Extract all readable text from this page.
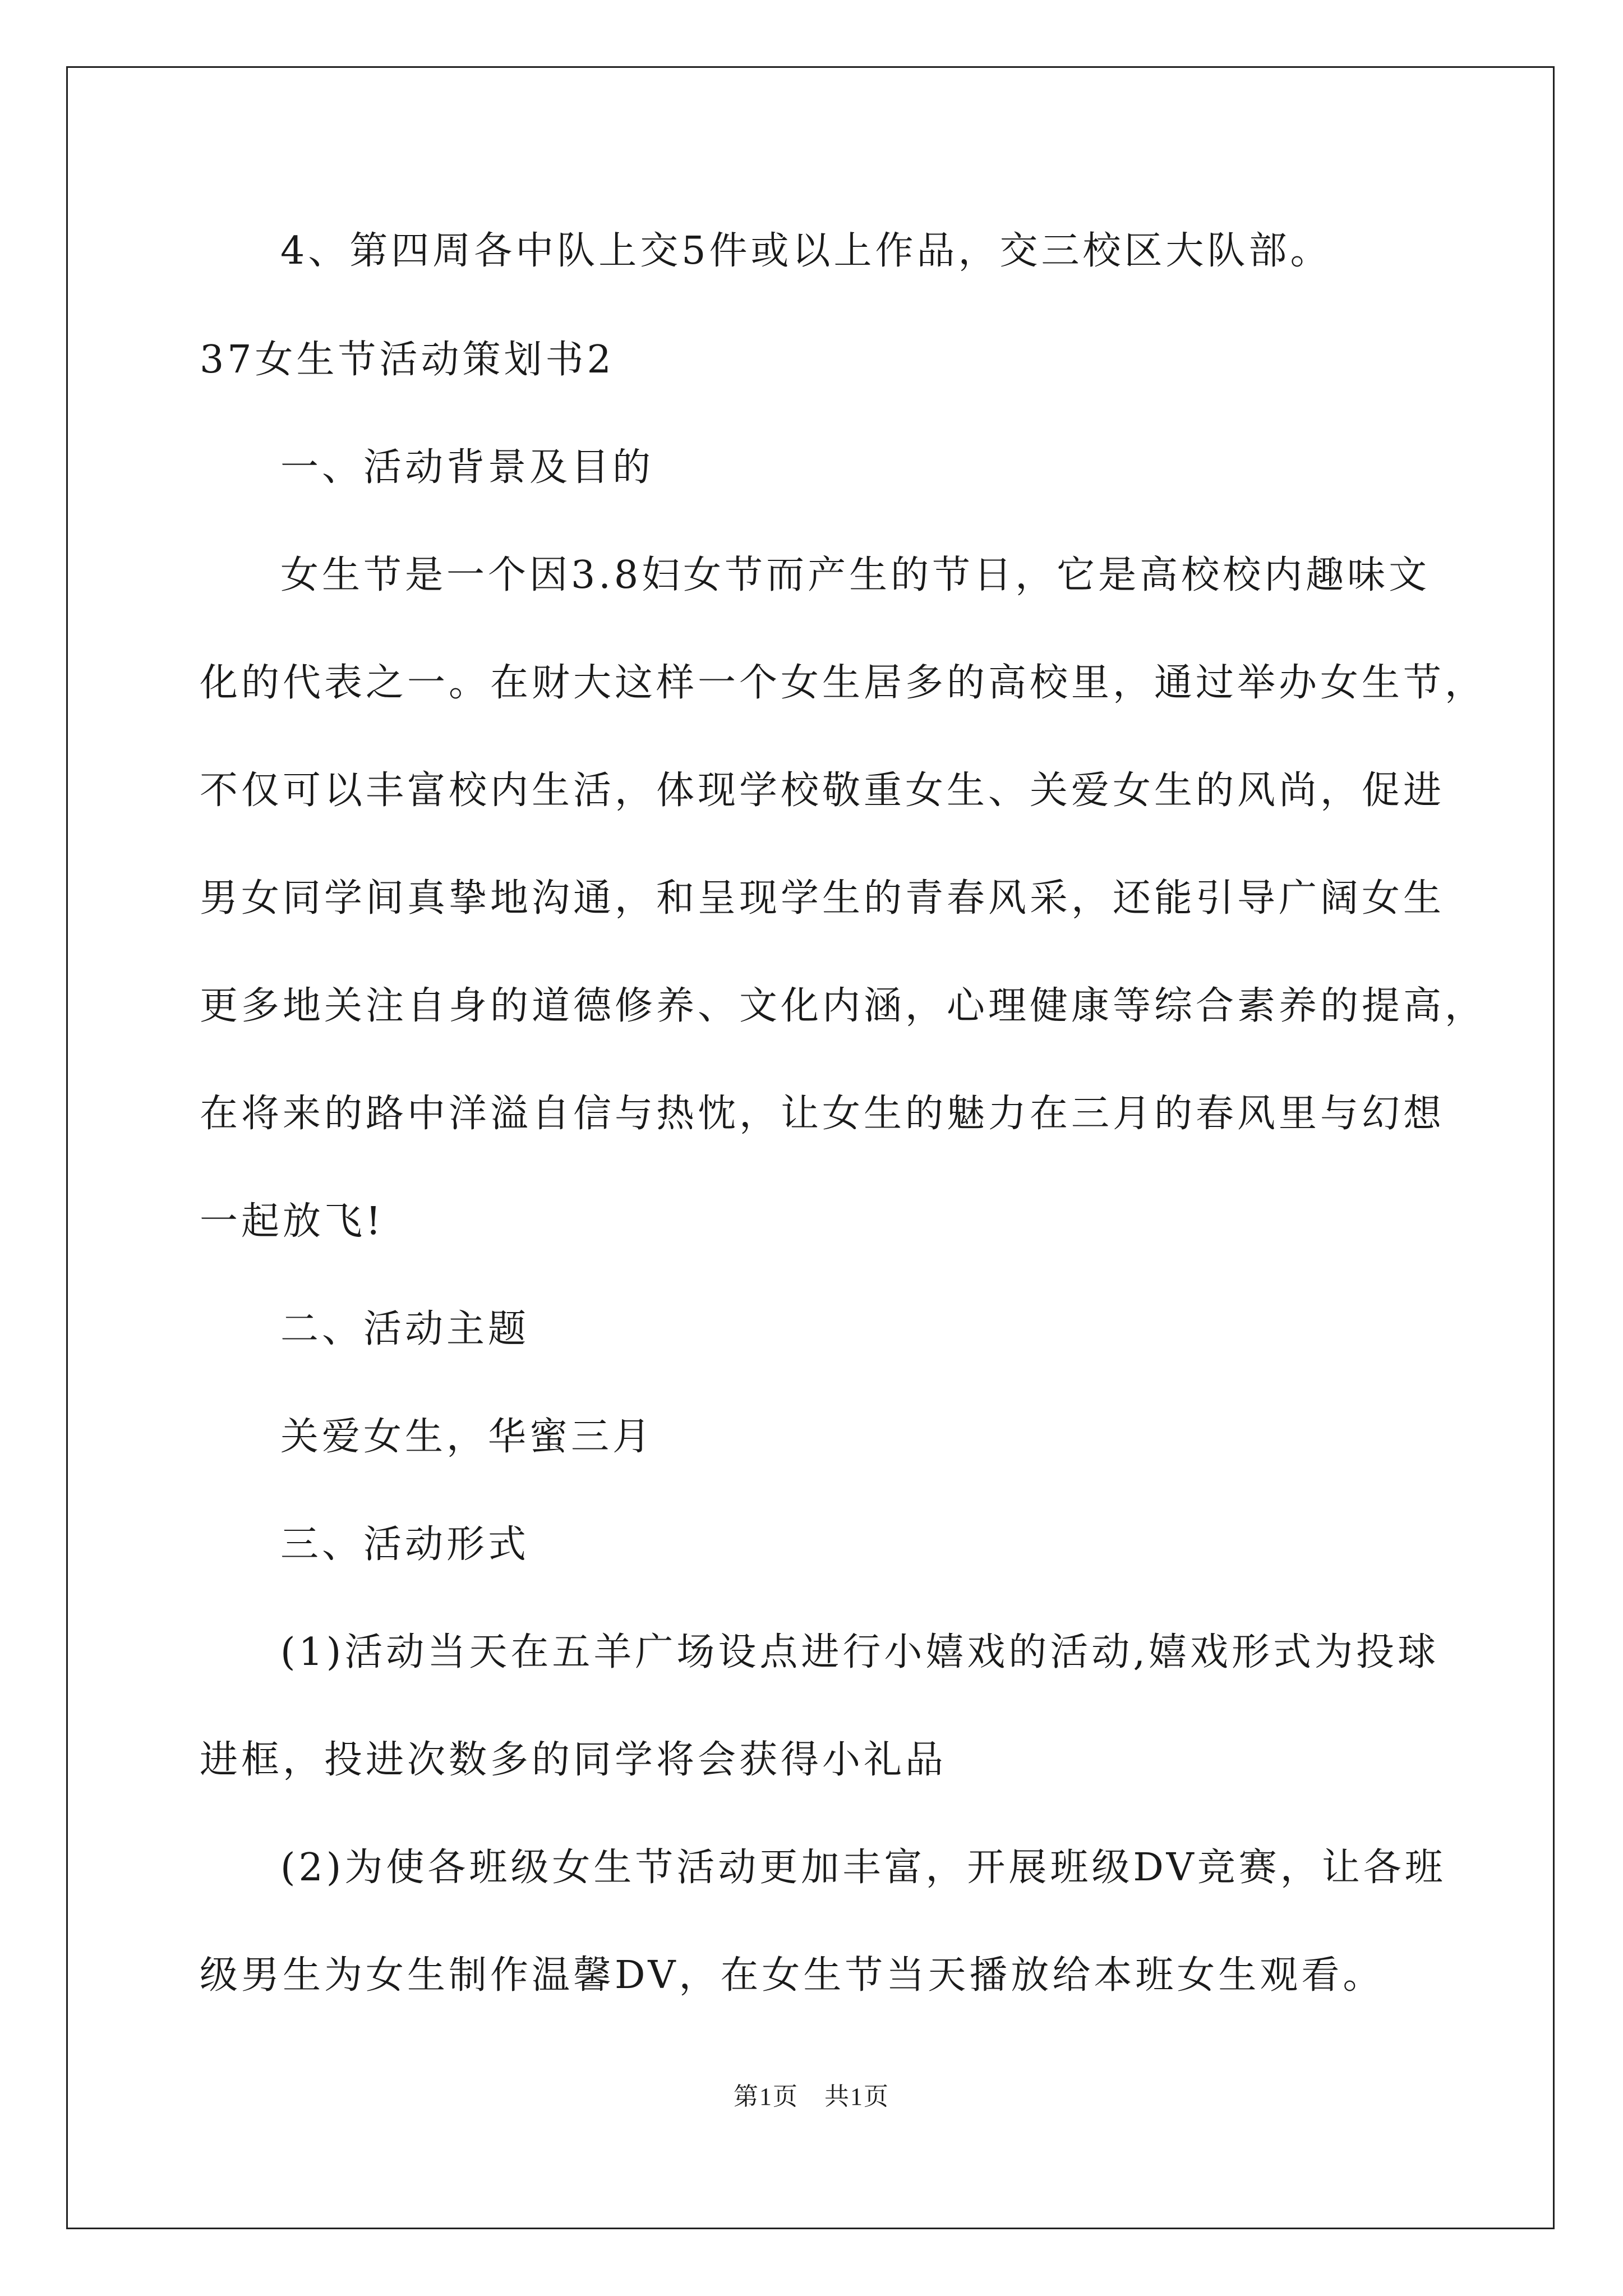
4、第四周各中队上交5件或以上作品，交三校区大队部。
37女生节活动策划书2
一、活动背景及目的
女生节是一个因3.8妇女节而产生的节日，它是高校校内趣味文
化的代表之一。在财大这样一个女生居多的高校里，通过举办女生节，
不仅可以丰富校内生活，体现学校敬重女生、关爱女生的风尚，促进
男女同学间真挚地沟通，和呈现学生的青春风采，还能引导广阔女生
更多地关注自身的道德修养、文化内涵，心理健康等综合素养的提高，
在将来的路中洋溢自信与热忱，让女生的魅力在三月的春风里与幻想
一起放飞!
二、活动主题
关爱女生，华蜜三月
三、活动形式
(1)活动当天在五羊广场设点进行小嬉戏的活动,嬉戏形式为投球
进框，投进次数多的同学将会获得小礼品
(2)为使各班级女生节活动更加丰富，开展班级DV竞赛，让各班
级男生为女生制作温馨DV，在女生节当天播放给本班女生观看。
第1页　共1页
